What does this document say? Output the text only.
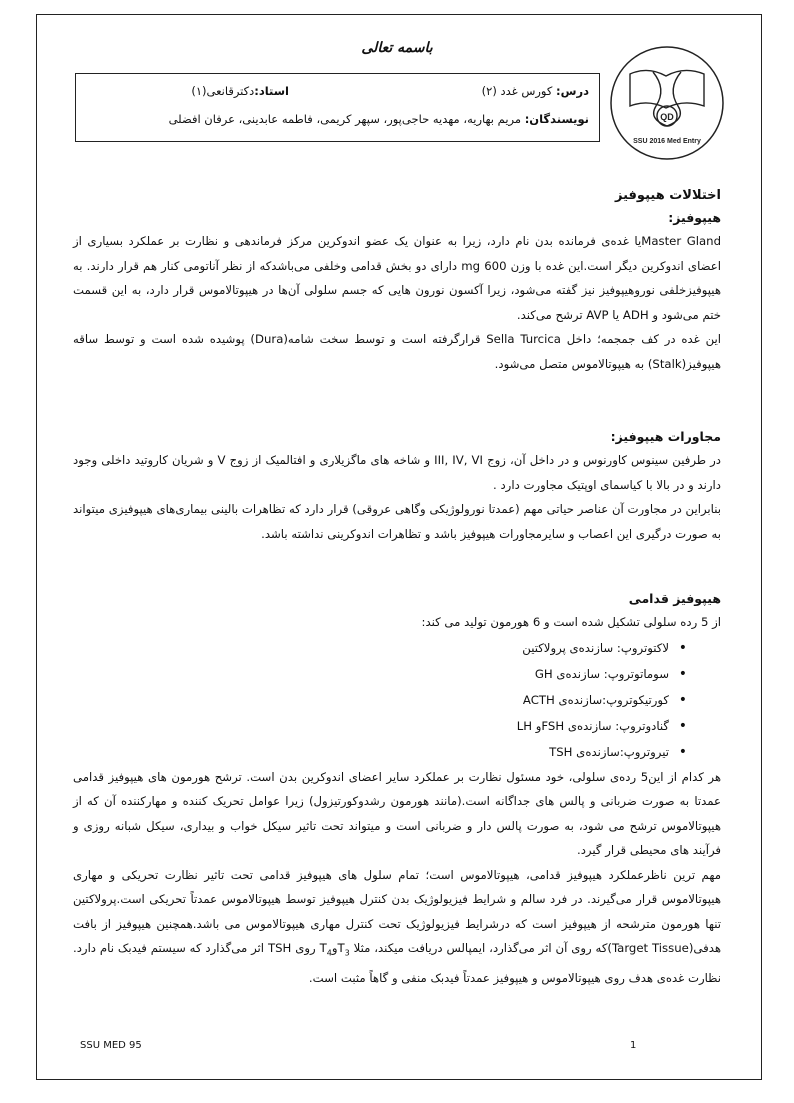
باسمه تعالی
QD
SSU 2016 Med Entry
درس: کورس غدد (۲)
استاد:دکترقانعی(۱)
نویسندگان: مریم بهاریه، مهدیه حاجی‌پور، سپهر کریمی، فاطمه عابدینی، عرفان افضلی
اختلالات هیپوفیز
هیپوفیز:

Master Glandیا غده‌ی فرمانده بدن نام دارد، زیرا به عنوان یک عضو اندوکرین مرکز فرماندهی و نظارت بر عملکرد بسیاری از اعضای اندوکرین دیگر است.این غده با وزن 600 mg دارای دو بخش قدامی وخلفی می‌باشدکه از نظر آناتومی کنار هم قرار دارند. به هیپوفیزخلفی نوروهیپوفیز نیز گفته می‌شود، زیرا آکسون نورون هایی که جسم سلولی آن‌ها در هیپوتالاموس قرار دارد، به این قسمت ختم می‌شود و ADH یا AVP ترشح می‌کند.

این غده در کف جمجمه؛ داخل Sella Turcica قرارگرفته است و توسط سخت شامه(Dura) پوشیده شده است و توسط ساقه هیپوفیز(Stalk) به هیپوتالاموس متصل می‌شود.

مجاورات هیپوفیز:

در طرفین سینوس کاورنوس و در داخل آن، زوج III, IV, VI و شاخه های ماگزیلاری و افتالمیک از زوج V و شریان کاروتید داخلی وجود دارند و در بالا با کیاسمای اوپتیک مجاورت دارد .

بنابراین در مجاورت آن عناصر حیاتی مهم (عمدتا نورولوژیکی وگاهی عروقی) قرار دارد که تظاهرات بالینی بیماری‌های هیپوفیزی میتواند به صورت درگیری این اعصاب و سایرمجاورات هیپوفیز باشد و تظاهرات اندوکرینی نداشته باشد.

هیپوفیز قدامی

از 5 رده سلولی تشکیل شده است و 6 هورمون تولید می کند:

• لاکتوتروپ: سازنده‌ی پرولاکتین
• سوماتوتروپ: سازنده‌ی GH
• کورتیکوتروپ:سازنده‌ی ACTH
• گنادوتروپ: سازنده‌ی FSHو LH
• تیروتروپ:سازنده‌ی TSH

هر کدام از این5 رده‌ی سلولی، خود مسئول نظارت بر عملکرد سایر اعضای اندوکرین بدن است. ترشح هورمون های هیپوفیز قدامی عمدتا به صورت ضربانی و پالس های جداگانه است.(مانند هورمون رشدوکورتیزول) زیرا عوامل تحریک کننده و مهارکننده آن که از هیپوتالاموس ترشح می شود، به صورت پالس دار و ضربانی است و میتواند تحت تاثیر سیکل خواب و بیداری، سیکل شبانه روزی و فرآیند های محیطی قرار گیرد.

مهم ترین ناظرعملکرد هیپوفیز قدامی، هیپوتالاموس است؛ تمام سلول های هیپوفیز قدامی تحت تاثیر نظارت تحریکی و مهاری هیپوتالاموس قرار می‌گیرند. در فرد سالم و شرایط فیزیولوژیک بدن کنترل هیپوفیز توسط هیپوتالاموس عمدتاً تحریکی است.پرولاکتین تنها هورمون مترشحه از هیپوفیز است که درشرایط فیزیولوژیک تحت کنترل مهاری هیپوتالاموس می باشد.همچنین هیپوفیز از بافت هدفی(Target Tissue)که روی آن اثر می‌گذارد، ایمپالس دریافت میکند، مثلا $T_3وT_4$ روی TSH اثر می‌گذارد که سیستم فیدبک نام دارد. نظارت غده‌ی هدف روی هیپوتالاموس و هیپوفیز عمدتاً فیدبک منفی و گاهاً مثبت است.

SSU MED 95	1
